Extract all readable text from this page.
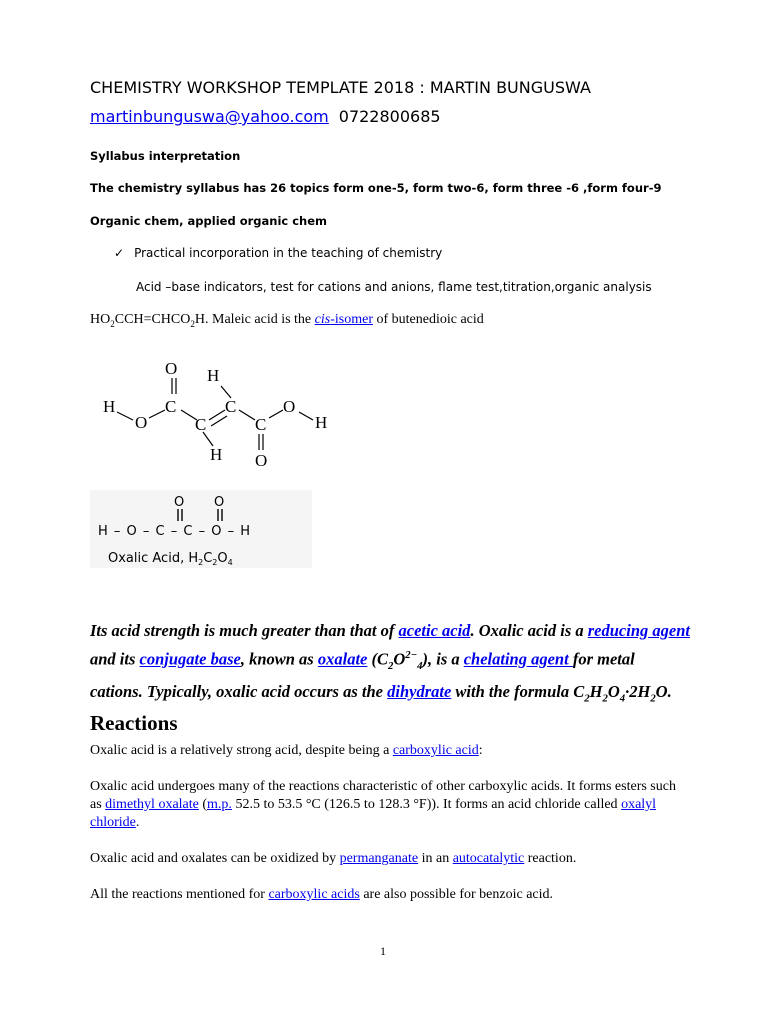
CHEMISTRY WORKSHOP TEMPLATE 2018 : MARTIN BUNGUSWA
martinbunguswa@yahoo.com 0722800685
Syllabus interpretation
The chemistry syllabus has 26 topics form one-5, form two-6, form three -6 ,form four-9
Organic chem, applied organic chem
✓ Practical incorporation in the teaching of chemistry
Acid –base indicators, test for cations and anions, flame test,titration,organic analysis
$HO_2CCH=CHCO_2H$. Maleic acid is the cis-isomer of butenedioic acid
O H
H	C	C	O
H
O	C	C
H O
O O
H – O – C – C – O – H
Oxalic Acid, $H_2C_2O_4$
Its acid strength is much greater than that of acetic acid. Oxalic acid is a reducing agent and its conjugate base, known as oxalate $(C_2O^{2-}_4)$, is a chelating agent for metal cations. Typically, oxalic acid occurs as the dihydrate with the formula $C_2H_2O_4\cdot 2H_2O$. Reactions
Oxalic acid is a relatively strong acid, despite being a carboxylic acid:
Oxalic acid undergoes many of the reactions characteristic of other carboxylic acids. It forms esters such as dimethyl oxalate (m.p. 52.5 to 53.5 °C (126.5 to 128.3 °F)). It forms an acid chloride called oxalyl chloride.
Oxalic acid and oxalates can be oxidized by permanganate in an autocatalytic reaction.
All the reactions mentioned for carboxylic acids are also possible for benzoic acid.
1
